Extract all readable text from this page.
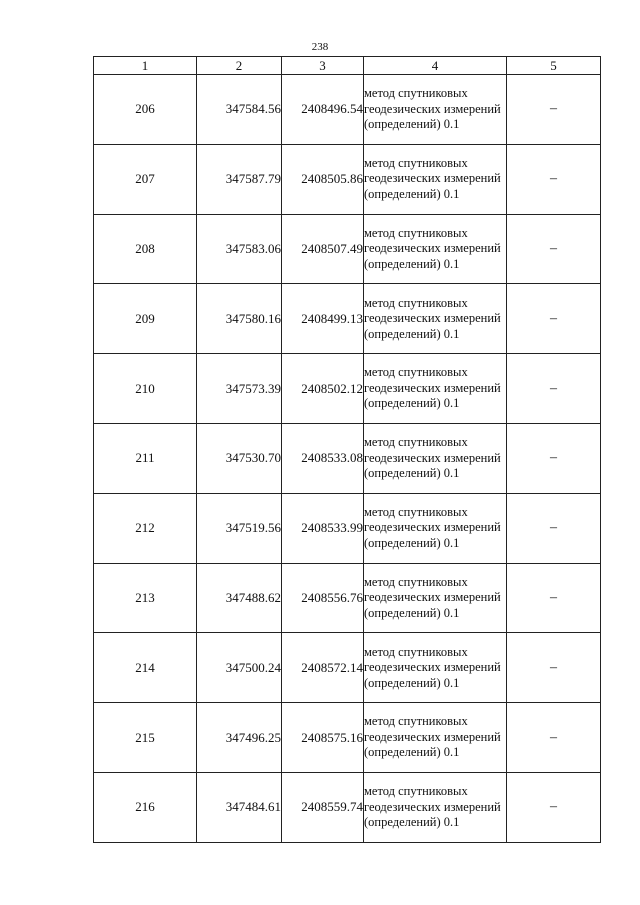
238
1	2	3	4	5
206	347584.56	2408496.54	метод спутниковых геодезических измерений (определений) 0.1	–
207	347587.79	2408505.86	метод спутниковых геодезических измерений (определений) 0.1	–
208	347583.06	2408507.49	метод спутниковых геодезических измерений (определений) 0.1	–
209	347580.16	2408499.13	метод спутниковых геодезических измерений (определений) 0.1	–
210	347573.39	2408502.12	метод спутниковых геодезических измерений (определений) 0.1	–
211	347530.70	2408533.08	метод спутниковых геодезических измерений (определений) 0.1	–
212	347519.56	2408533.99	метод спутниковых геодезических измерений (определений) 0.1	–
213	347488.62	2408556.76	метод спутниковых геодезических измерений (определений) 0.1	–
214	347500.24	2408572.14	метод спутниковых геодезических измерений (определений) 0.1	–
215	347496.25	2408575.16	метод спутниковых геодезических измерений (определений) 0.1	–
216	347484.61	2408559.74	метод спутниковых геодезических измерений (определений) 0.1	–
